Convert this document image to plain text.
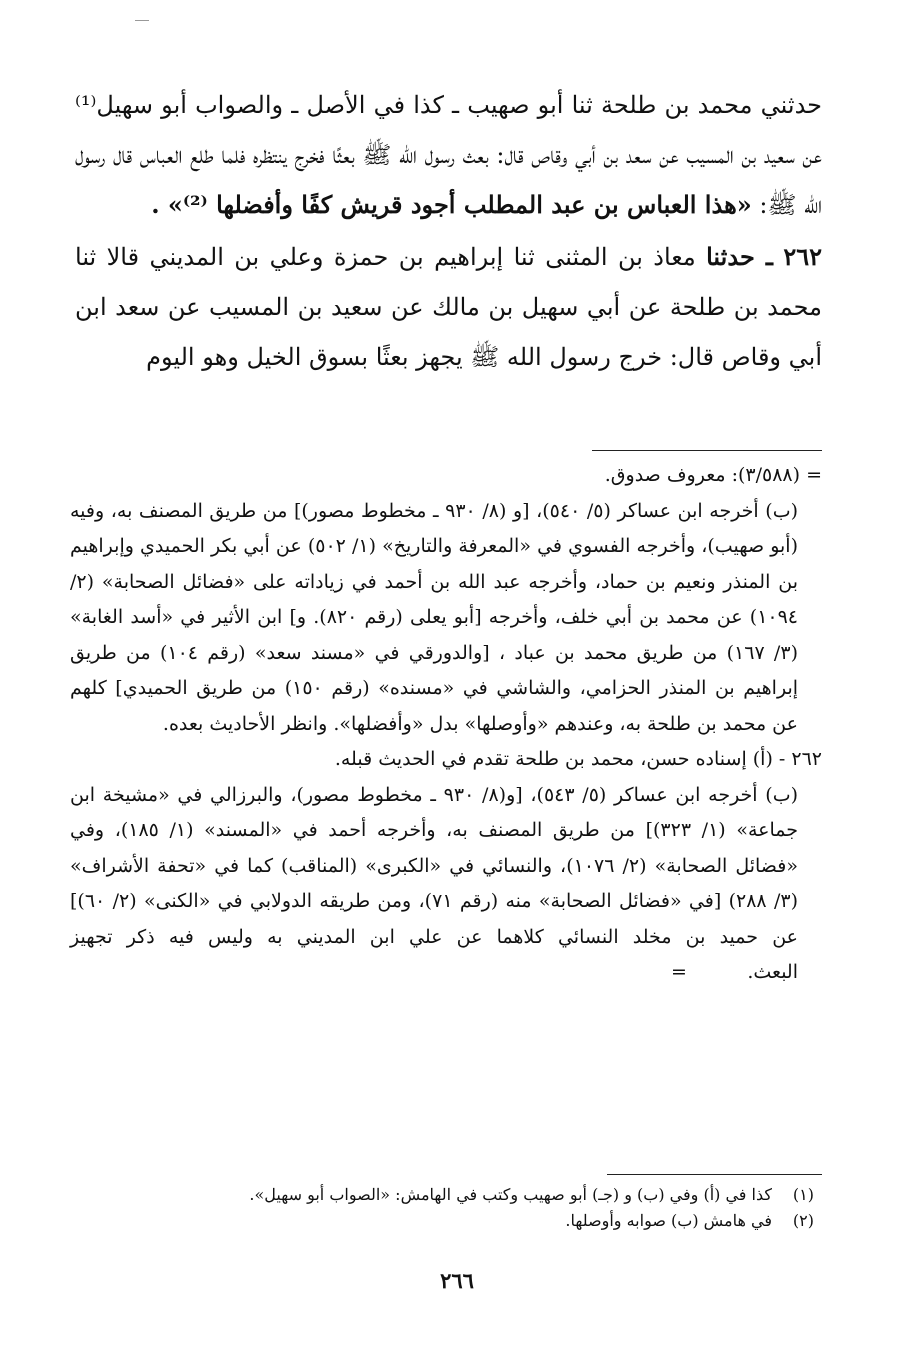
حدثني محمد بن طلحة ثنا أبو صهيب ـ كذا في الأصل ـ والصواب أبو سهيل⁽¹⁾عن سعيد بن المسيب عن سعد بن أبي وقاص قال: بعث رسول الله ﷺ بعثًا فخرج ينتظره فلما طلع العباس قال رسول الله ﷺ: «هذا العباس بن عبد المطلب أجود قريش كفًا وأفضلها ⁽²⁾» .

٢٦٢ ـ حدثنا معاذ بن المثنى ثنا إبراهيم بن حمزة وعلي بن المديني قالا ثنا محمد بن طلحة عن أبي سهيل بن مالك عن سعيد بن المسيب عن سعد ابن أبي وقاص قال: خرج رسول الله ﷺ يجهز بعثًا بسوق الخيل وهو اليوم

= (٣/٥٨٨): معروف صدوق.

(ب) أخرجه ابن عساكر (٥/ ٥٤٠)، [و (٨/ ٩٣٠ ـ مخطوط مصور)] من طريق المصنف به، وفيه (أبو صهيب)، وأخرجه الفسوي في «المعرفة والتاريخ» (١/ ٥٠٢) عن أبي بكر الحميدي وإبراهيم بن المنذر ونعيم بن حماد، وأخرجه عبد الله بن أحمد في زياداته على «فضائل الصحابة» (٢/ ١٠٩٤) عن محمد بن أبي خلف، وأخرجه [أبو يعلى (رقم ٨٢٠). و] ابن الأثير في «أسد الغابة» (٣/ ١٦٧) من طريق محمد بن عباد ، [والدورقي في «مسند سعد» (رقم ١٠٤) من طريق إبراهيم بن المنذر الحزامي، والشاشي في «مسنده» (رقم ١٥٠) من طريق الحميدي] كلهم عن محمد بن طلحة به، وعندهم «وأوصلها» بدل «وأفضلها». وانظر الأحاديث بعده.

٢٦٢ - (أ) إسناده حسن، محمد بن طلحة تقدم في الحديث قبله.

(ب) أخرجه ابن عساكر (٥/ ٥٤٣)، [و(٨/ ٩٣٠ ـ مخطوط مصور)، والبرزالي في «مشيخة ابن جماعة» (١/ ٣٢٣)] من طريق المصنف به، وأخرجه أحمد في «المسند» (١/ ١٨٥)، وفي «فضائل الصحابة» (٢/ ١٠٧٦)، والنسائي في «الكبرى» (المناقب) كما في «تحفة الأشراف» (٣/ ٢٨٨) [في «فضائل الصحابة» منه (رقم ٧١)، ومن طريقه الدولابي في «الكنى» (٢/ ٦٠)] عن حميد بن مخلد النسائي كلاهما عن علي ابن المديني به وليس فيه ذكر تجهيز البعث.          =

(١)
كذا في (أ) وفي (ب) و (جـ) أبو صهيب وكتب في الهامش: «الصواب أبو سهيل».
(٢)
في هامش (ب) صوابه وأوصلها.
٢٦٦
